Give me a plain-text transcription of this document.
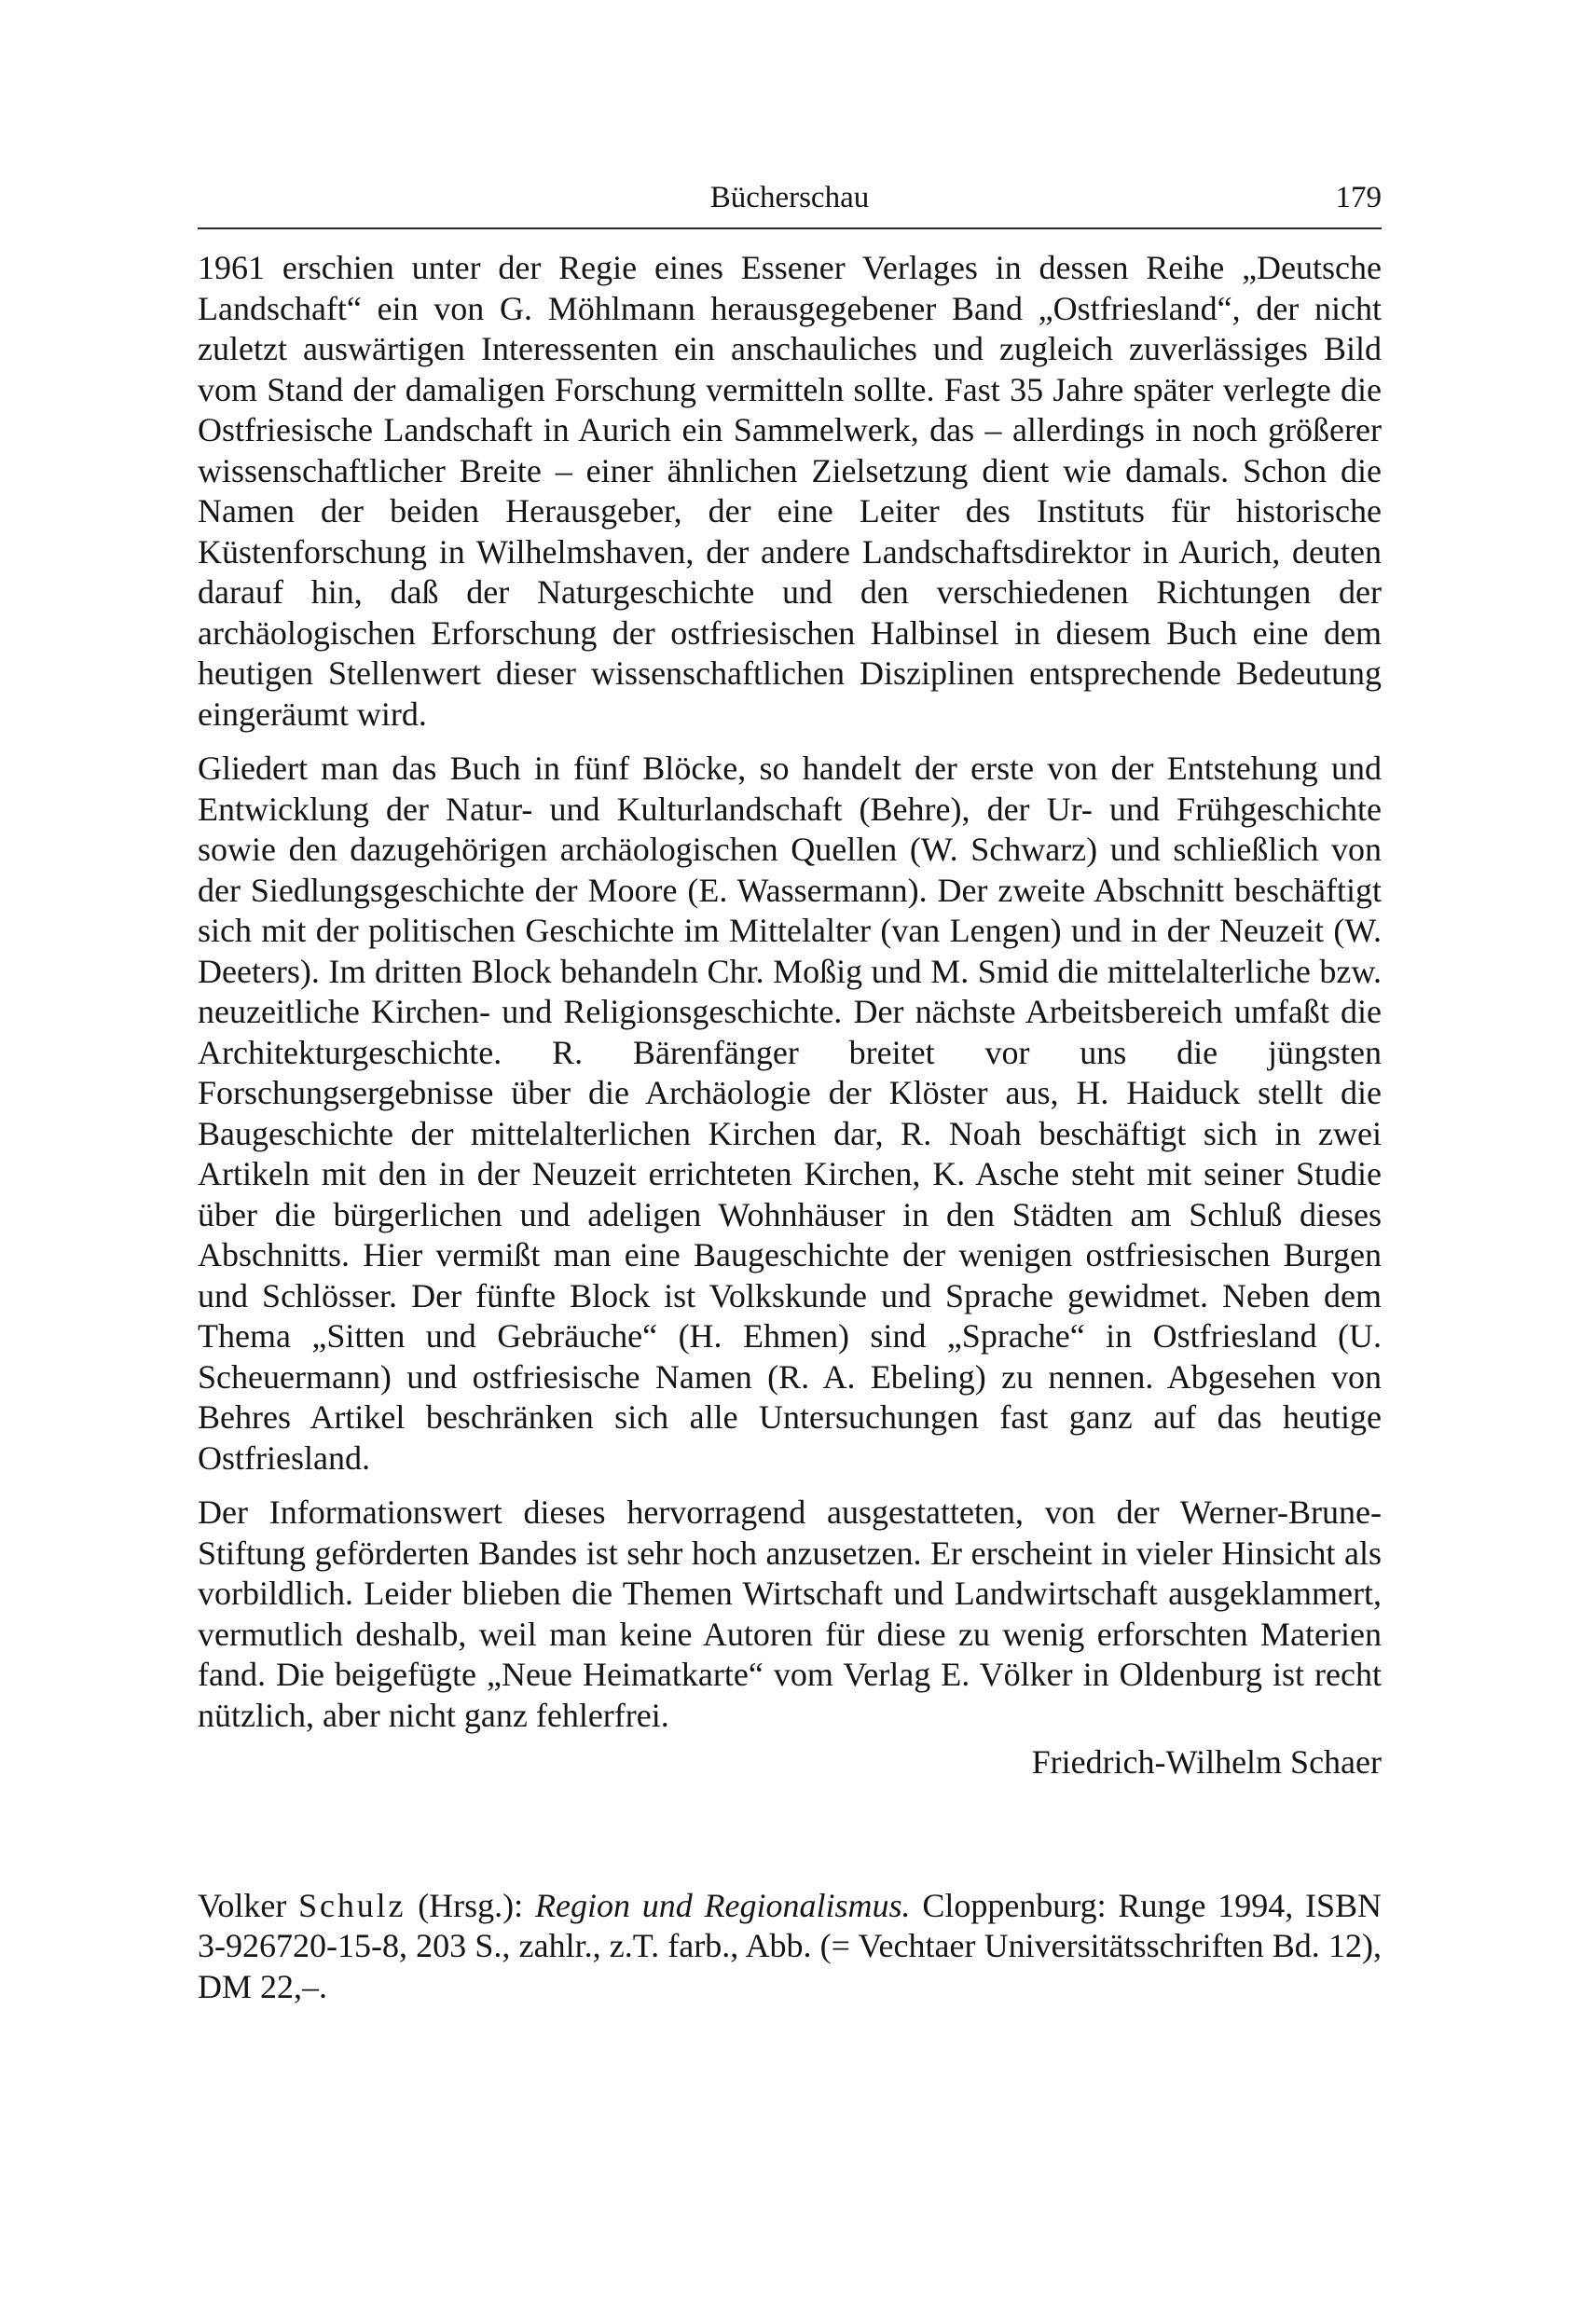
Bücherschau	179

1961 erschien unter der Regie eines Essener Verlages in dessen Reihe „Deutsche Landschaft“ ein von G. Möhlmann herausgegebener Band „Ostfriesland“, der nicht zuletzt auswärtigen Interessenten ein anschauliches und zugleich zuverlässiges Bild vom Stand der damaligen Forschung vermitteln sollte. Fast 35 Jahre später verlegte die Ostfriesische Landschaft in Aurich ein Sammelwerk, das – allerdings in noch größerer wissenschaftlicher Breite – einer ähnlichen Zielsetzung dient wie damals. Schon die Namen der beiden Herausgeber, der eine Leiter des Instituts für historische Küstenforschung in Wilhelmshaven, der andere Landschaftsdirektor in Aurich, deuten darauf hin, daß der Naturgeschichte und den verschiedenen Richtungen der archäologischen Erforschung der ostfriesischen Halbinsel in diesem Buch eine dem heutigen Stellenwert dieser wissenschaftlichen Disziplinen entsprechende Bedeutung eingeräumt wird.

Gliedert man das Buch in fünf Blöcke, so handelt der erste von der Entstehung und Entwicklung der Natur- und Kulturlandschaft (Behre), der Ur- und Frühgeschichte sowie den dazugehörigen archäologischen Quellen (W. Schwarz) und schließlich von der Siedlungsgeschichte der Moore (E. Wassermann). Der zweite Abschnitt beschäftigt sich mit der politischen Geschichte im Mittelalter (van Lengen) und in der Neuzeit (W. Deeters). Im dritten Block behandeln Chr. Moßig und M. Smid die mittelalterliche bzw. neuzeitliche Kirchen- und Religionsgeschichte. Der nächste Arbeitsbereich umfaßt die Architekturgeschichte. R. Bärenfänger breitet vor uns die jüngsten Forschungsergebnisse über die Archäologie der Klöster aus, H. Haiduck stellt die Baugeschichte der mittelalterlichen Kirchen dar, R. Noah beschäftigt sich in zwei Artikeln mit den in der Neuzeit errichteten Kirchen, K. Asche steht mit seiner Studie über die bürgerlichen und adeligen Wohnhäuser in den Städten am Schluß dieses Abschnitts. Hier vermißt man eine Baugeschichte der wenigen ostfriesischen Burgen und Schlösser. Der fünfte Block ist Volkskunde und Sprache gewidmet. Neben dem Thema „Sitten und Gebräuche“ (H. Ehmen) sind „Sprache“ in Ostfriesland (U. Scheuermann) und ostfriesische Namen (R. A. Ebeling) zu nennen. Abgesehen von Behres Artikel beschränken sich alle Untersuchungen fast ganz auf das heutige Ostfriesland.

Der Informationswert dieses hervorragend ausgestatteten, von der Werner-Brune-Stiftung geförderten Bandes ist sehr hoch anzusetzen. Er erscheint in vieler Hinsicht als vorbildlich. Leider blieben die Themen Wirtschaft und Landwirtschaft ausgeklammert, vermutlich deshalb, weil man keine Autoren für diese zu wenig erforschten Materien fand. Die beigefügte „Neue Heimatkarte“ vom Verlag E. Völker in Oldenburg ist recht nützlich, aber nicht ganz fehlerfrei.

Friedrich-Wilhelm Schaer
Volker Schulz (Hrsg.): Region und Regionalismus. Cloppenburg: Runge 1994, ISBN 3-926720-15-8, 203 S., zahlr., z.T. farb., Abb. (= Vechtaer Universitätsschriften Bd. 12), DM 22,–.
